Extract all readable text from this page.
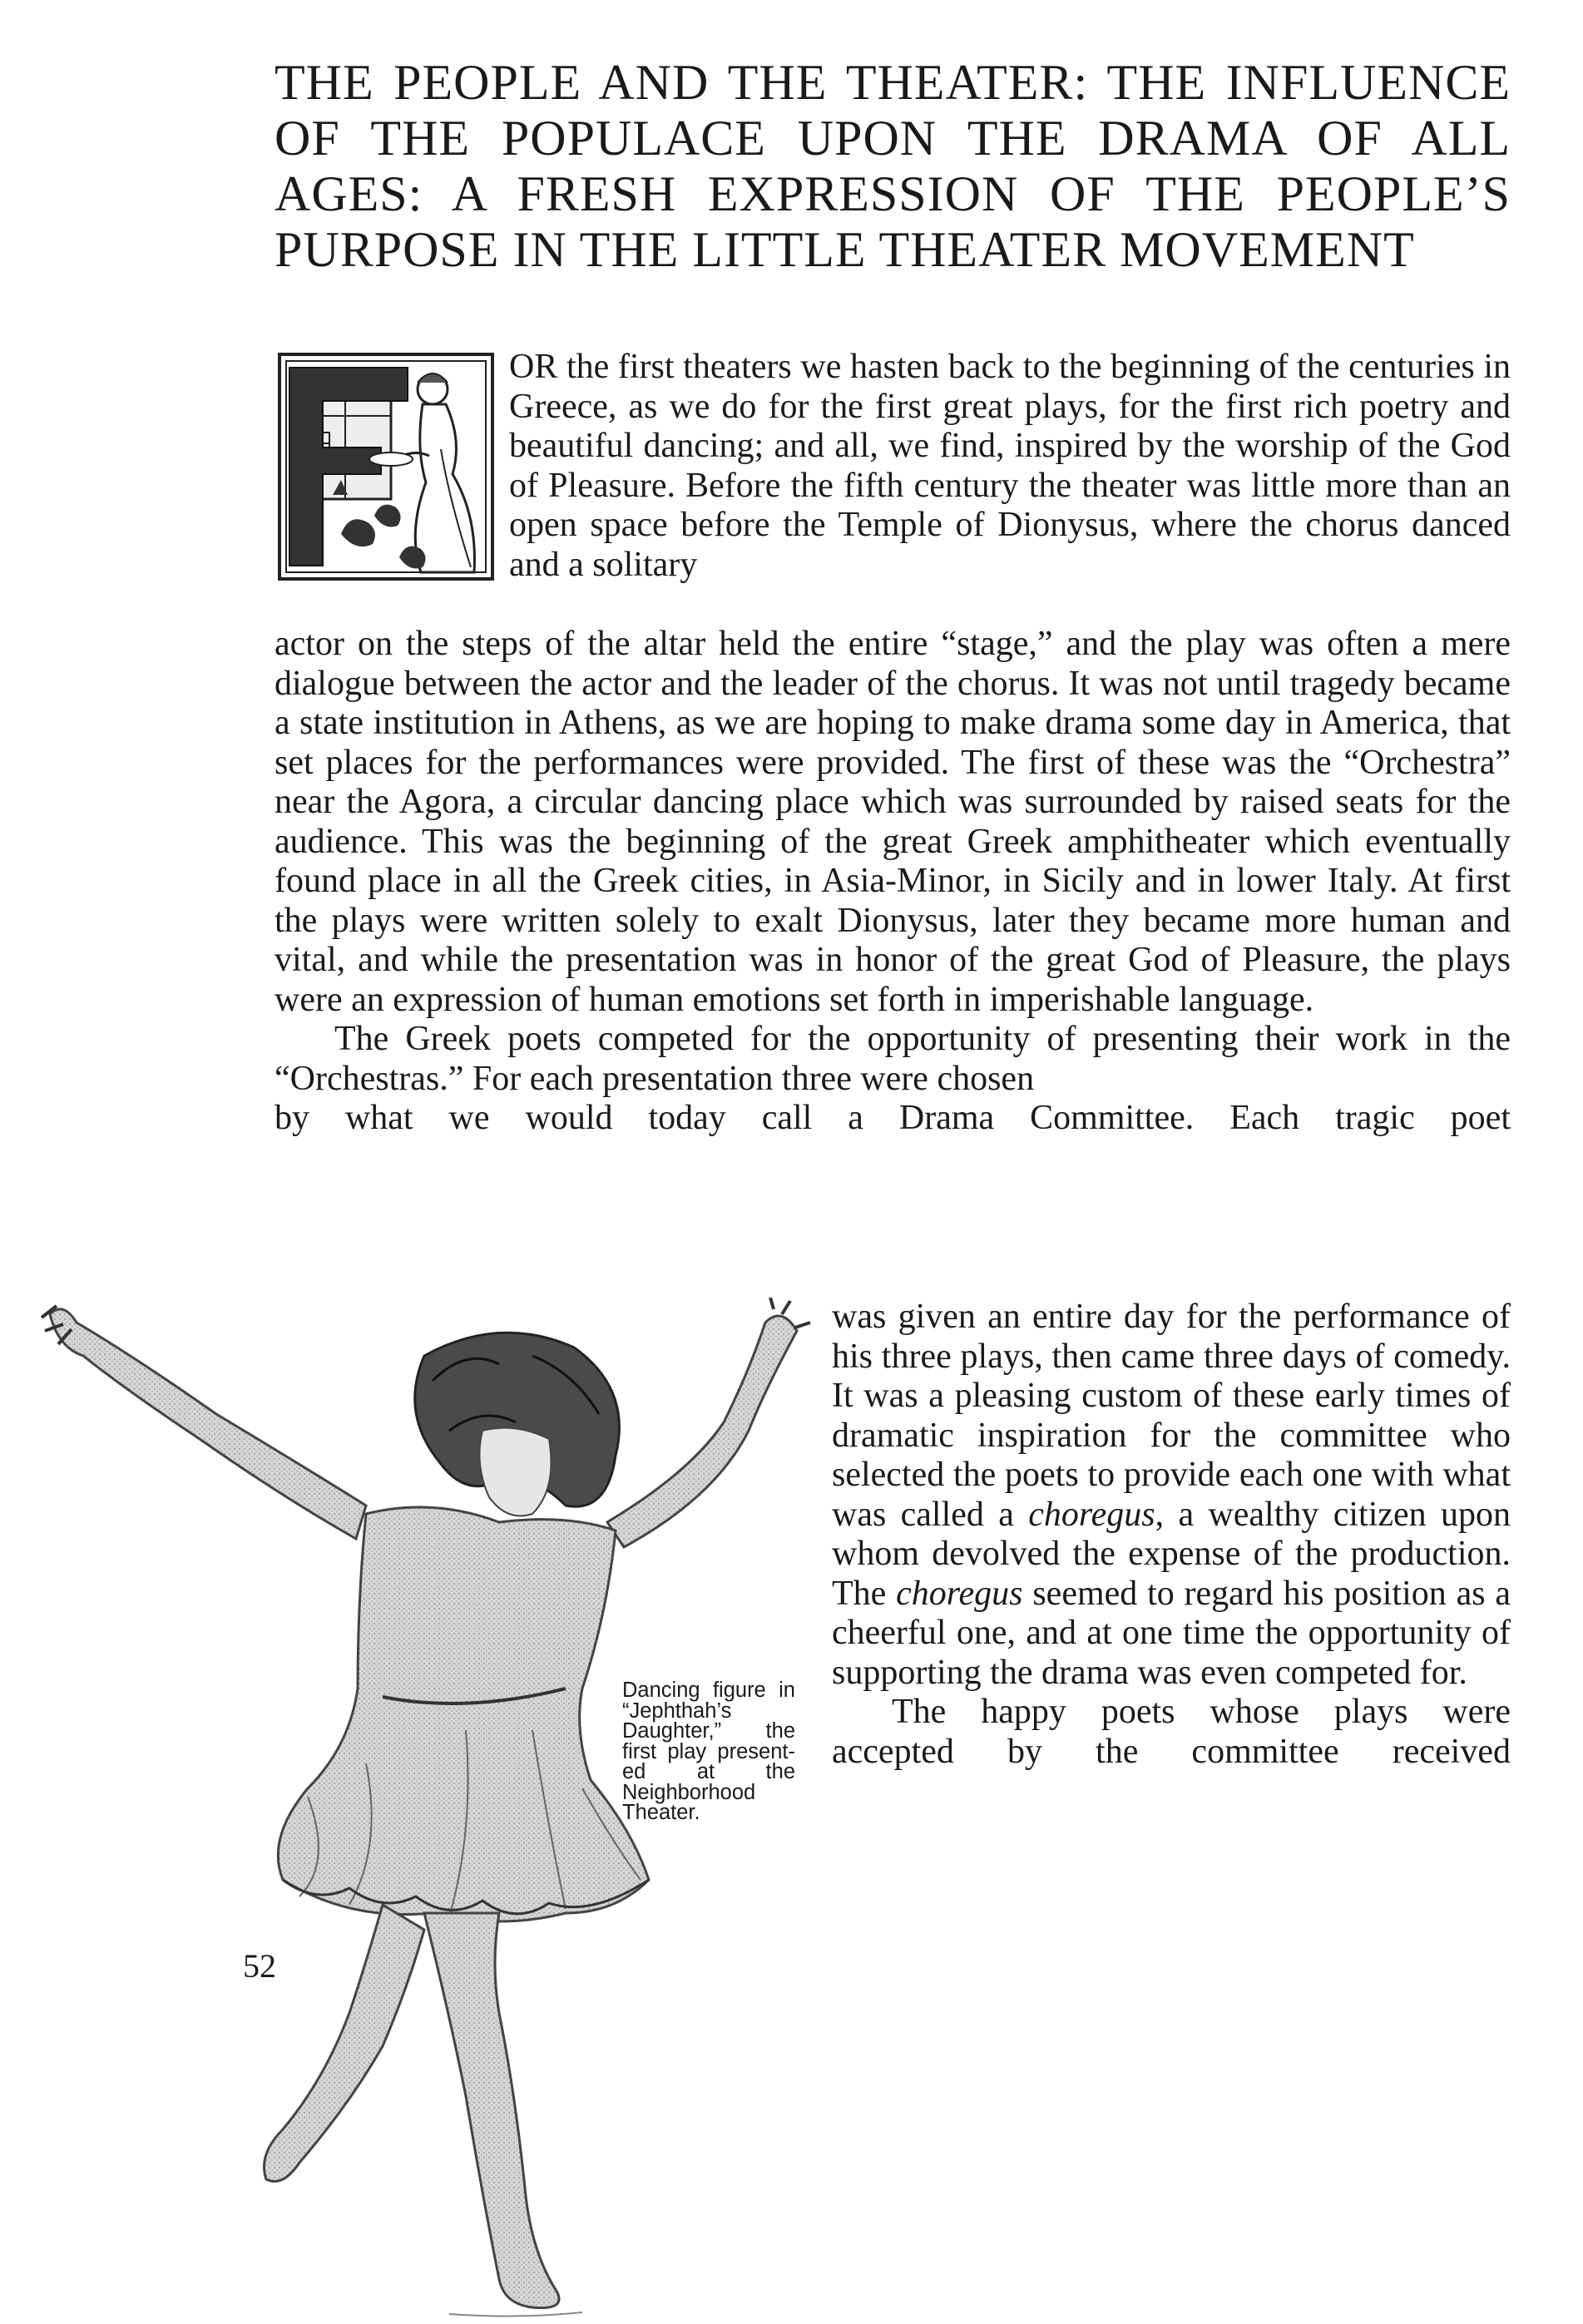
THE PEOPLE AND THE THEATER: THE INFLUENCE OF THE POPULACE UPON THE DRAMA OF ALL AGES: A FRESH EXPRESSION OF THE PEOPLE’S PURPOSE IN THE LITTLE THEATER MOVEMENT

OR the first theaters we hasten back to the beginning of the centuries in Greece, as we do for the first great plays, for the first rich poetry and beautiful dancing; and all, we find, inspired by the worship of the God of Pleasure. Before the fifth century the theater was little more than an open space before the Temple of Dionysus, where the chorus danced and a solitary

actor on the steps of the altar held the entire “stage,” and the play was often a mere dialogue between the actor and the leader of the chorus. It was not until tragedy became a state institution in Athens, as we are hoping to make drama some day in America, that set places for the performances were provided. The first of these was the “Orchestra” near the Agora, a circular dancing place which was surrounded by raised seats for the audience. This was the beginning of the great Greek amphitheater which eventually found place in all the Greek cities, in Asia-Minor, in Sicily and in lower Italy. At first the plays were written solely to exalt Dionysus, later they became more human and vital, and while the presentation was in honor of the great God of Pleasure, the plays were an expression of human emotions set forth in imperishable language.

The Greek poets competed for the opportunity of presenting their work in the “Orchestras.” For each presentation three were chosen

by what we would today call a Drama Committee. Each tragic poet

was given an entire day for the performance of his three plays, then came three days of comedy. It was a pleasing custom of these early times of dramatic inspiration for the committee who selected the poets to provide each one with what was called a choregus, a wealthy citizen upon whom devolved the expense of the production. The choregus seemed to regard his position as a cheerful one, and at one time the opportunity of supporting the drama was even competed for.

The happy poets whose plays were

accepted by the committee received

Dancing figure in “Jephthah’s Daughter,” the first play presented at the Neighborhood Theater.
52
